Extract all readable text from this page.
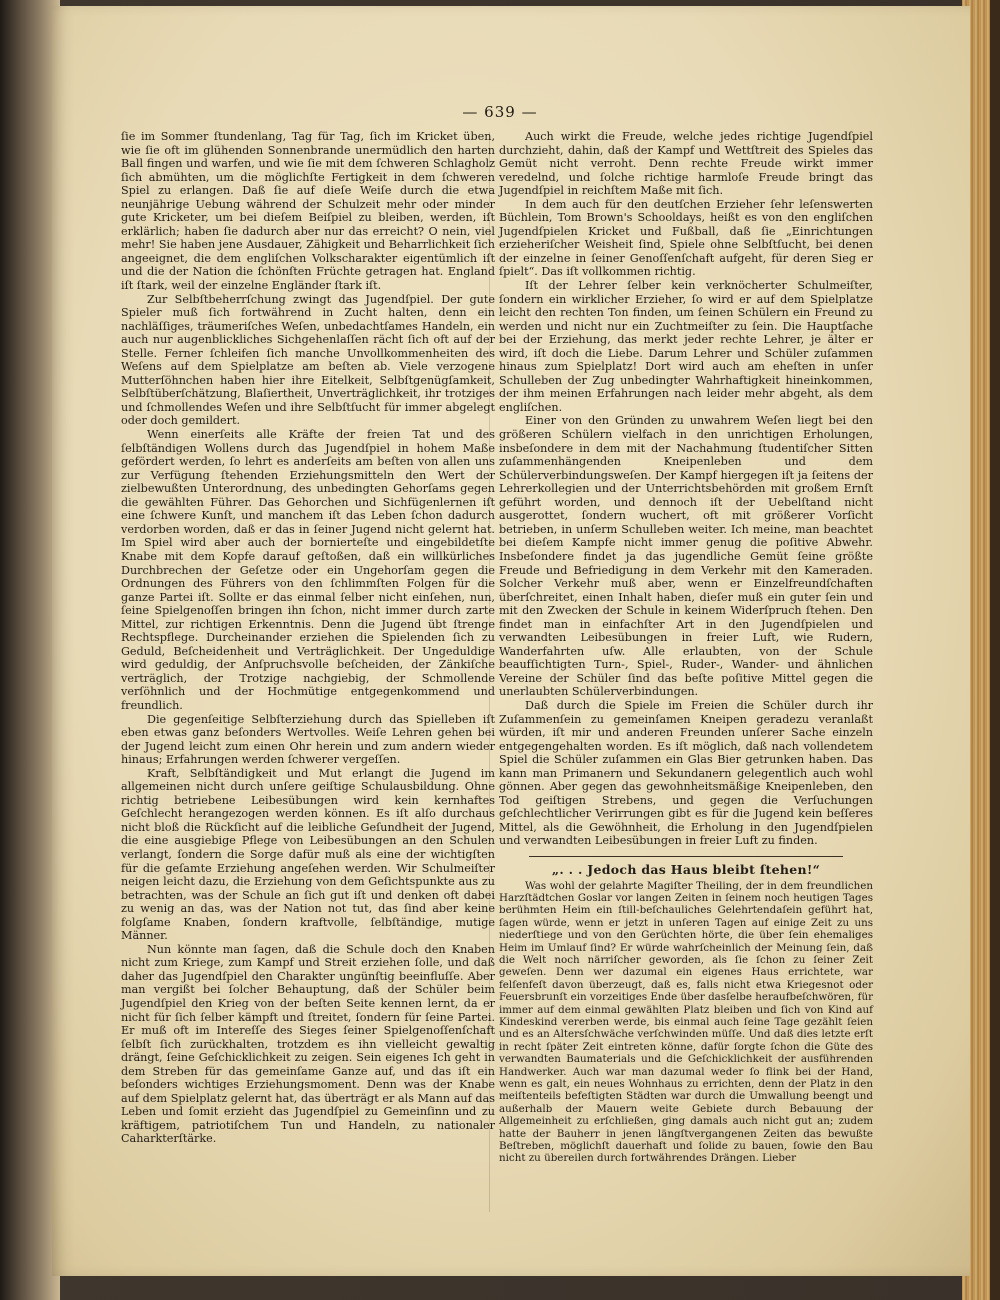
— 639 —

ſie im Sommer ſtundenlang, Tag für Tag, ſich im Kricket üben, wie ſie oft im glühenden Sonnenbrande unermüdlich den harten Ball fingen und warfen, und wie ſie mit dem ſchweren Schlagholz ſich abmühten, um die möglichſte Fertigkeit in dem ſchweren Spiel zu erlangen. Daß ſie auf dieſe Weiſe durch die etwa neunjährige Uebung während der Schulzeit mehr oder minder gute Kricketer, um bei dieſem Beiſpiel zu bleiben, werden, iſt erklärlich; haben ſie dadurch aber nur das erreicht? O nein, viel mehr! Sie haben jene Ausdauer, Zähigkeit und Beharrlichkeit ſich angeeignet, die dem engliſchen Volkscharakter eigentümlich iſt und die der Nation die ſchönſten Früchte getragen hat. England iſt ſtark, weil der einzelne Engländer ſtark iſt.

Zur Selbſtbeherrſchung zwingt das Jugendſpiel. Der gute Spieler muß ſich fortwährend in Zucht halten, denn ein nachläſſiges, träumeriſches Weſen, unbedachtſames Handeln, ein auch nur augenblickliches Sichgehenlaſſen rächt ſich oft auf der Stelle. Ferner ſchleifen ſich manche Unvollkommenheiten des Weſens auf dem Spielplatze am beſten ab. Viele verzogene Mutterſöhnchen haben hier ihre Eitelkeit, Selbſtgenügſamkeit, Selbſtüberſchätzung, Blaſiertheit, Unverträglichkeit, ihr trotziges und ſchmollendes Weſen und ihre Selbſtſucht für immer abgelegt oder doch gemildert.

Wenn einerſeits alle Kräfte der freien Tat und des ſelbſtändigen Wollens durch das Jugendſpiel in hohem Maße gefördert werden, ſo lehrt es anderſeits am beſten von allen uns zur Verfügung ſtehenden Erziehungsmitteln den Wert der zielbewußten Unterordnung, des unbedingten Gehorſams gegen die gewählten Führer. Das Gehorchen und Sichfügenlernen iſt eine ſchwere Kunſt, und manchem iſt das Leben ſchon dadurch verdorben worden, daß er das in ſeiner Jugend nicht gelernt hat. Im Spiel wird aber auch der bornierteſte und eingebildetſte Knabe mit dem Kopfe darauf geſtoßen, daß ein willkürliches Durchbrechen der Geſetze oder ein Ungehorſam gegen die Ordnungen des Führers von den ſchlimmſten Folgen für die ganze Partei iſt. Sollte er das einmal ſelber nicht einſehen, nun, ſeine Spielgenoſſen bringen ihn ſchon, nicht immer durch zarte Mittel, zur richtigen Erkenntnis. Denn die Jugend übt ſtrenge Rechtspflege. Durcheinander erziehen die Spielenden ſich zu Geduld, Beſcheidenheit und Verträglichkeit. Der Ungeduldige wird geduldig, der Anſpruchsvolle beſcheiden, der Zänkiſche verträglich, der Trotzige nachgiebig, der Schmollende verſöhnlich und der Hochmütige entgegenkommend und freundlich.

Die gegenſeitige Selbſterziehung durch das Spielleben iſt eben etwas ganz beſonders Wertvolles. Weiſe Lehren gehen bei der Jugend leicht zum einen Ohr herein und zum andern wieder hinaus; Erfahrungen werden ſchwerer vergeſſen.

Kraft, Selbſtändigkeit und Mut erlangt die Jugend im allgemeinen nicht durch unſere geiſtige Schulausbildung. Ohne richtig betriebene Leibesübungen wird kein kernhaftes Geſchlecht herangezogen werden können. Es iſt alſo durchaus nicht bloß die Rückſicht auf die leibliche Geſundheit der Jugend, die eine ausgiebige Pflege von Leibesübungen an den Schulen verlangt, ſondern die Sorge dafür muß als eine der wichtigſten für die geſamte Erziehung angeſehen werden. Wir Schulmeiſter neigen leicht dazu, die Erziehung von dem Geſichtspunkte aus zu betrachten, was der Schule an ſich gut iſt und denken oft dabei zu wenig an das, was der Nation not tut, das ſind aber keine folgſame Knaben, ſondern kraftvolle, ſelbſtändige, mutige Männer.

Nun könnte man ſagen, daß die Schule doch den Knaben nicht zum Kriege, zum Kampf und Streit erziehen ſolle, und daß daher das Jugendſpiel den Charakter ungünſtig beeinfluſſe. Aber man vergißt bei ſolcher Behauptung, daß der Schüler beim Jugendſpiel den Krieg von der beſten Seite kennen lernt, da er nicht für ſich ſelber kämpft und ſtreitet, ſondern für ſeine Partei. Er muß oft im Intereſſe des Sieges ſeiner Spielgenoſſenſchaft ſelbſt ſich zurückhalten, trotzdem es ihn vielleicht gewaltig drängt, ſeine Geſchicklichkeit zu zeigen. Sein eigenes Ich geht in dem Streben für das gemeinſame Ganze auf, und das iſt ein beſonders wichtiges Erziehungsmoment. Denn was der Knabe auf dem Spielplatz gelernt hat, das überträgt er als Mann auf das Leben und ſomit erzieht das Jugendſpiel zu Gemeinſinn und zu kräftigem, patriotiſchem Tun und Handeln, zu nationaler Caharkterſtärke.

Auch wirkt die Freude, welche jedes richtige Jugendſpiel durchzieht, dahin, daß der Kampf und Wettſtreit des Spieles das Gemüt nicht verroht. Denn rechte Freude wirkt immer veredelnd, und ſolche richtige harmloſe Freude bringt das Jugendſpiel in reichſtem Maße mit ſich.

In dem auch für den deutſchen Erzieher ſehr leſenswerten Büchlein, Tom Brown's Schooldays, heißt es von den engliſchen Jugendſpielen Kricket und Fußball, daß ſie „Einrichtungen erzieheriſcher Weisheit ſind, Spiele ohne Selbſtſucht, bei denen der einzelne in ſeiner Genoſſenſchaft aufgeht, für deren Sieg er ſpielt“. Das iſt vollkommen richtig.

Iſt der Lehrer ſelber kein verknöcherter Schulmeiſter, ſondern ein wirklicher Erzieher, ſo wird er auf dem Spielplatze leicht den rechten Ton finden, um ſeinen Schülern ein Freund zu werden und nicht nur ein Zuchtmeiſter zu ſein. Die Hauptſache bei der Erziehung, das merkt jeder rechte Lehrer, je älter er wird, iſt doch die Liebe. Darum Lehrer und Schüler zuſammen hinaus zum Spielplatz! Dort wird auch am eheſten in unſer Schulleben der Zug unbedingter Wahrhaftigkeit hineinkommen, der ihm meinen Erfahrungen nach leider mehr abgeht, als dem engliſchen.

Einer von den Gründen zu unwahrem Weſen liegt bei den größeren Schülern vielfach in den unrichtigen Erholungen, insbeſondere in dem mit der Nachahmung ſtudentiſcher Sitten zuſammenhängenden Kneipenleben und dem Schülerverbindungsweſen. Der Kampf hiergegen iſt ja ſeitens der Lehrerkollegien und der Unterrichtsbehörden mit großem Ernſt geführt worden, und dennoch iſt der Uebelſtand nicht ausgerottet, ſondern wuchert, oft mit größerer Vorſicht betrieben, in unſerm Schulleben weiter. Ich meine, man beachtet bei dieſem Kampfe nicht immer genug die poſitive Abwehr. Insbeſondere findet ja das jugendliche Gemüt ſeine größte Freude und Befriedigung in dem Verkehr mit den Kameraden. Solcher Verkehr muß aber, wenn er Einzelfreundſchaften überſchreitet, einen Inhalt haben, dieſer muß ein guter ſein und mit den Zwecken der Schule in keinem Widerſpruch ſtehen. Den findet man in einfachſter Art in den Jugendſpielen und verwandten Leibesübungen in freier Luft, wie Rudern, Wanderfahrten uſw. Alle erlaubten, von der Schule beaufſichtigten Turn-, Spiel-, Ruder-, Wander- und ähnlichen Vereine der Schüler ſind das beſte poſitive Mittel gegen die unerlaubten Schülerverbindungen.

Daß durch die Spiele im Freien die Schüler durch ihr Zuſammenſein zu gemeinſamen Kneipen geradezu veranlaßt würden, iſt mir und anderen Freunden unſerer Sache einzeln entgegengehalten worden. Es iſt möglich, daß nach vollendetem Spiel die Schüler zuſammen ein Glas Bier getrunken haben. Das kann man Primanern und Sekundanern gelegentlich auch wohl gönnen. Aber gegen das gewohnheitsmäßige Kneipenleben, den Tod geiſtigen Strebens, und gegen die Verſuchungen geſchlechtlicher Verirrungen gibt es für die Jugend kein beſſeres Mittel, als die Gewöhnheit, die Erholung in den Jugendſpielen und verwandten Leibesübungen in freier Luft zu finden.

„. . . Jedoch das Haus bleibt ſtehen!“

Was wohl der gelahrte Magiſter Theiling, der in dem freundlichen Harzſtädtchen Goslar vor langen Zeiten in ſeinem noch heutigen Tages berühmten Heim ein ſtill-beſchauliches Gelehrtendaſein geführt hat, ſagen würde, wenn er jetzt in unſeren Tagen auf einige Zeit zu uns niederſtiege und von den Gerüchten hörte, die über ſein ehemaliges Heim im Umlauf ſind? Er würde wahrſcheinlich der Meinung ſein, daß die Welt noch närriſcher geworden, als ſie ſchon zu ſeiner Zeit geweſen. Denn wer dazumal ein eigenes Haus errichtete, war felſenfeſt davon überzeugt, daß es, falls nicht etwa Kriegesnot oder Feuersbrunſt ein vorzeitiges Ende über dasſelbe heraufbeſchwören, für immer auf dem einmal gewählten Platz bleiben und ſich von Kind auf Kindeskind vererben werde, bis einmal auch ſeine Tage gezählt ſeien und es an Altersſchwäche verſchwinden müſſe. Und daß dies letzte erſt in recht ſpäter Zeit eintreten könne, dafür ſorgte ſchon die Güte des verwandten Baumaterials und die Geſchicklichkeit der ausführenden Handwerker. Auch war man dazumal weder ſo flink bei der Hand, wenn es galt, ein neues Wohnhaus zu errichten, denn der Platz in den meiſtenteils befeſtigten Städten war durch die Umwallung beengt und außerhalb der Mauern weite Gebiete durch Bebauung der Allgemeinheit zu erſchließen, ging damals auch nicht gut an; zudem hatte der Bauherr in jenen längſtvergangenen Zeiten das bewußte Beſtreben, möglichſt dauerhaft und ſolide zu bauen, ſowie den Bau nicht zu übereilen durch fortwährendes Drängen. Lieber
